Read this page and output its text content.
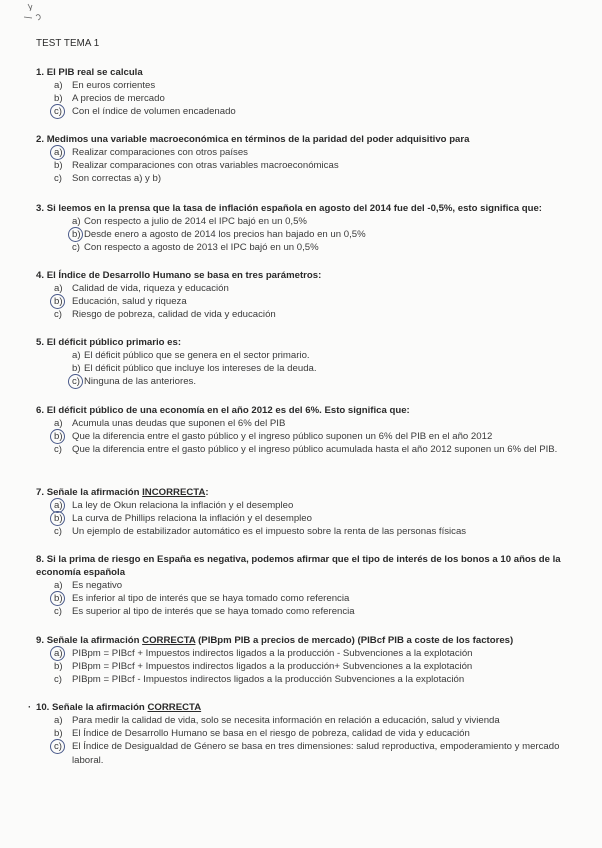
TEST TEMA 1
1. El PIB real se calcula
a) En euros corrientes
b) A precios de mercado
c)	Con el índice de volumen encadenado
2. Medimos una variable macroeconómica en términos de la paridad del poder adquisitivo para
a) Realizar comparaciones con otros países
b) Realizar comparaciones con otras variables macroeconómicas
c)	Son correctas a) y b)
3. Si leemos en la prensa que la tasa de inflación española en agosto del 2014 fue del -0,5%, esto significa que:
a) Con respecto a julio de 2014 el IPC bajó en un 0,5%
b) Desde enero a agosto de 2014 los precios han bajado en un 0,5%
c) Con respecto a agosto de 2013 el IPC bajó en un 0,5%
4. El Índice de Desarrollo Humano se basa en tres parámetros:
a) Calidad de vida, riqueza y educación
b) Educación, salud y riqueza
c)	Riesgo de pobreza, calidad de vida y educación
5. El déficit público primario es:
a) El déficit público que se genera en el sector primario.
b) El déficit público que incluye los intereses de la deuda.
c) Ninguna de las anteriores.
6. El déficit público de una economía en el año 2012 es del 6%. Esto significa que:
a) Acumula unas deudas que suponen el 6% del PIB
b) Que la diferencia entre el gasto público y el ingreso público suponen un 6% del PIB en el año 2012
c)	Que la diferencia entre el gasto público y el ingreso público acumulada hasta el año 2012 suponen un 6% del PIB.
7. Señale la afirmación INCORRECTA:
a) La ley de Okun relaciona la inflación y el desempleo
b) La curva de Phillips relaciona la inflación y el desempleo
c)	Un ejemplo de estabilizador automático es el impuesto sobre la renta de las personas físicas
8. Si la prima de riesgo en España es negativa, podemos afirmar que el tipo de interés de los bonos a 10 años de la economía española
a) Es negativo
b) Es inferior al tipo de interés que se haya tomado como referencia
c)	Es superior al tipo de interés que se haya tomado como referencia
9. Señale la afirmación CORRECTA (PIBpm PIB a precios de mercado) (PIBcf PIB a coste de los factores)
a) PIBpm = PIBcf + Impuestos indirectos ligados a la producción - Subvenciones a la explotación
b) PIBpm = PIBcf + Impuestos indirectos ligados a la producción+ Subvenciones a la explotación
c)	PIBpm = PIBcf - Impuestos indirectos ligados a la producción Subvenciones a la explotación
· 10. Señale la afirmación CORRECTA
a) Para medir la calidad de vida, solo se necesita información en relación a educación, salud y vivienda
b) El Índice de Desarrollo Humano se basa en el riesgo de pobreza, calidad de vida y educación
c)	El Índice de Desigualdad de Género se basa en tres dimensiones: salud reproductiva, empoderamiento y mercado laboral.
